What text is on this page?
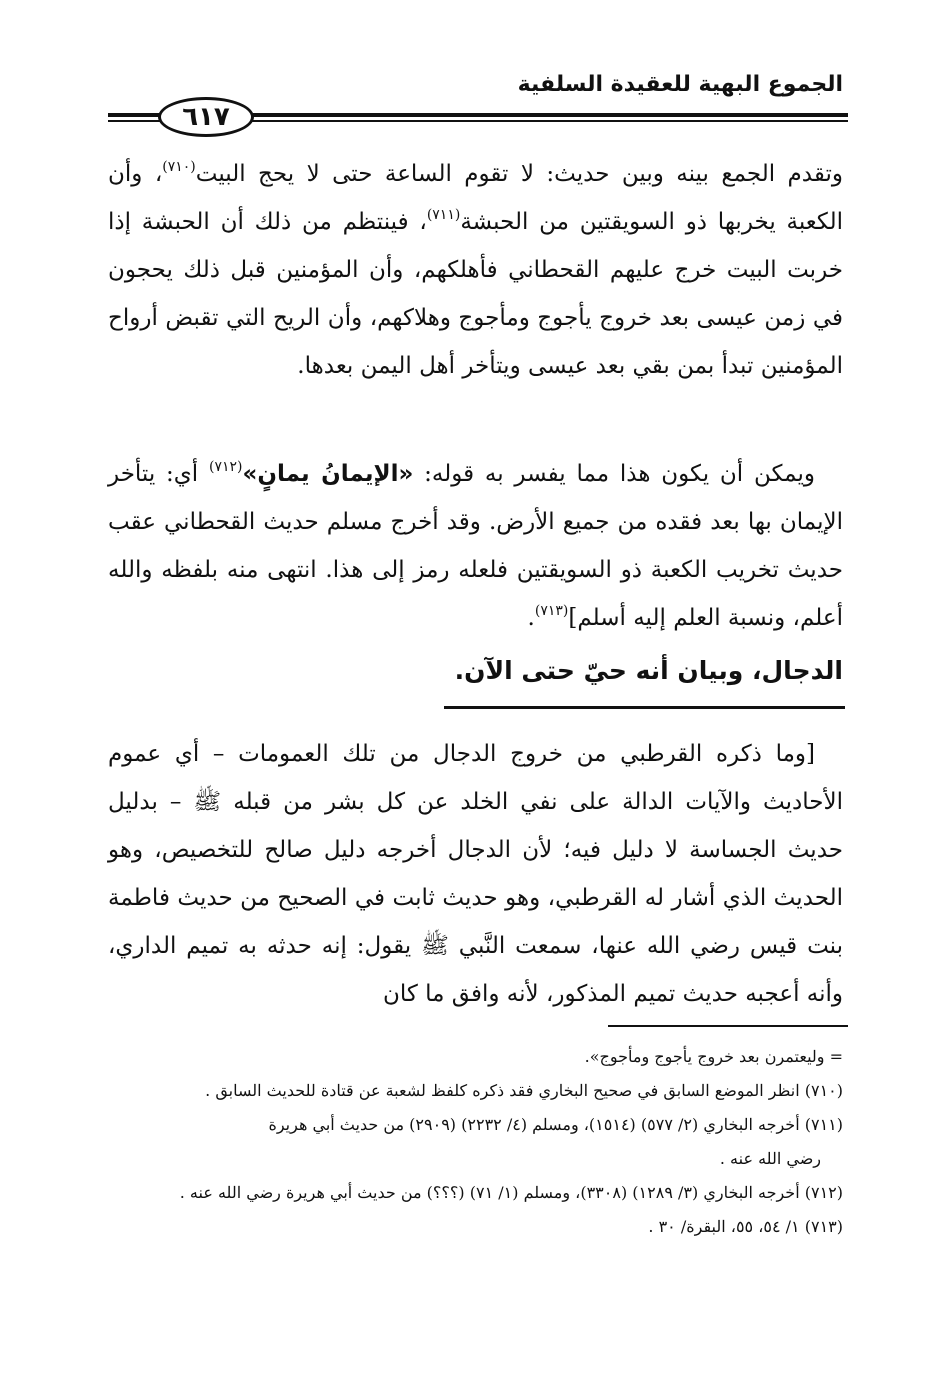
الجموع البهية للعقيدة السلفية
٦١٧

وتقدم الجمع بينه وبين حديث: لا تقوم الساعة حتى لا يحج البيت$^{(٧١٠)}$، وأن الكعبة يخربها ذو السويقتين من الحبشة$^{(٧١١)}$، فينتظم من ذلك أن الحبشة إذا خربت البيت خرج عليهم القحطاني فأهلكهم، وأن المؤمنين قبل ذلك يحجون في زمن عيسى بعد خروج يأجوج ومأجوج وهلاكهم، وأن الريح التي تقبض أرواح المؤمنين تبدأ بمن بقي بعد عيسى ويتأخر أهل اليمن بعدها.

ويمكن أن يكون هذا مما يفسر به قوله: «الإيمانُ يمانٍ»$^{(٧١٢)}$ أي: يتأخر الإيمان بها بعد فقده من جميع الأرض. وقد أخرج مسلم حديث القحطاني عقب حديث تخريب الكعبة ذو السويقتين فلعله رمز إلى هذا. انتهى منه بلفظه والله أعلم، ونسبة العلم إليه أسلم]$^{(٧١٣)}$.

الدجال، وبيان أنه حيّ حتى الآن.

[وما ذكره القرطبي من خروج الدجال من تلك العمومات – أي عموم الأحاديث والآيات الدالة على نفي الخلد عن كل بشر من قبله ﷺ – بدليل حديث الجساسة لا دليل فيه؛ لأن الدجال أخرجه دليل صالح للتخصيص، وهو الحديث الذي أشار له القرطبي، وهو حديث ثابت في الصحيح من حديث فاطمة بنت قيس رضي الله عنها، سمعت النَّبي ﷺ يقول: إنه حدثه به تميم الداري، وأنه أعجبه حديث تميم المذكور، لأنه وافق ما كان

= وليعتمرن بعد خروج يأجوج ومأجوج».

(٧١٠) انظر الموضع السابق في صحيح البخاري فقد ذكره كلفظ لشعبة عن قتادة للحديث السابق .

(٧١١) أخرجه البخاري (٢/ ٥٧٧) (١٥١٤)، ومسلم (٤/ ٢٢٣٢) (٢٩٠٩) من حديث أبي هريرة

رضي الله عنه .

(٧١٢) أخرجه البخاري (٣/ ١٢٨٩) (٣٣٠٨)، ومسلم (١/ ٧١) (؟؟؟) من حديث أبي هريرة رضي الله عنه .

(٧١٣) ١/ ٥٤، ٥٥، البقرة/ ٣٠ .
